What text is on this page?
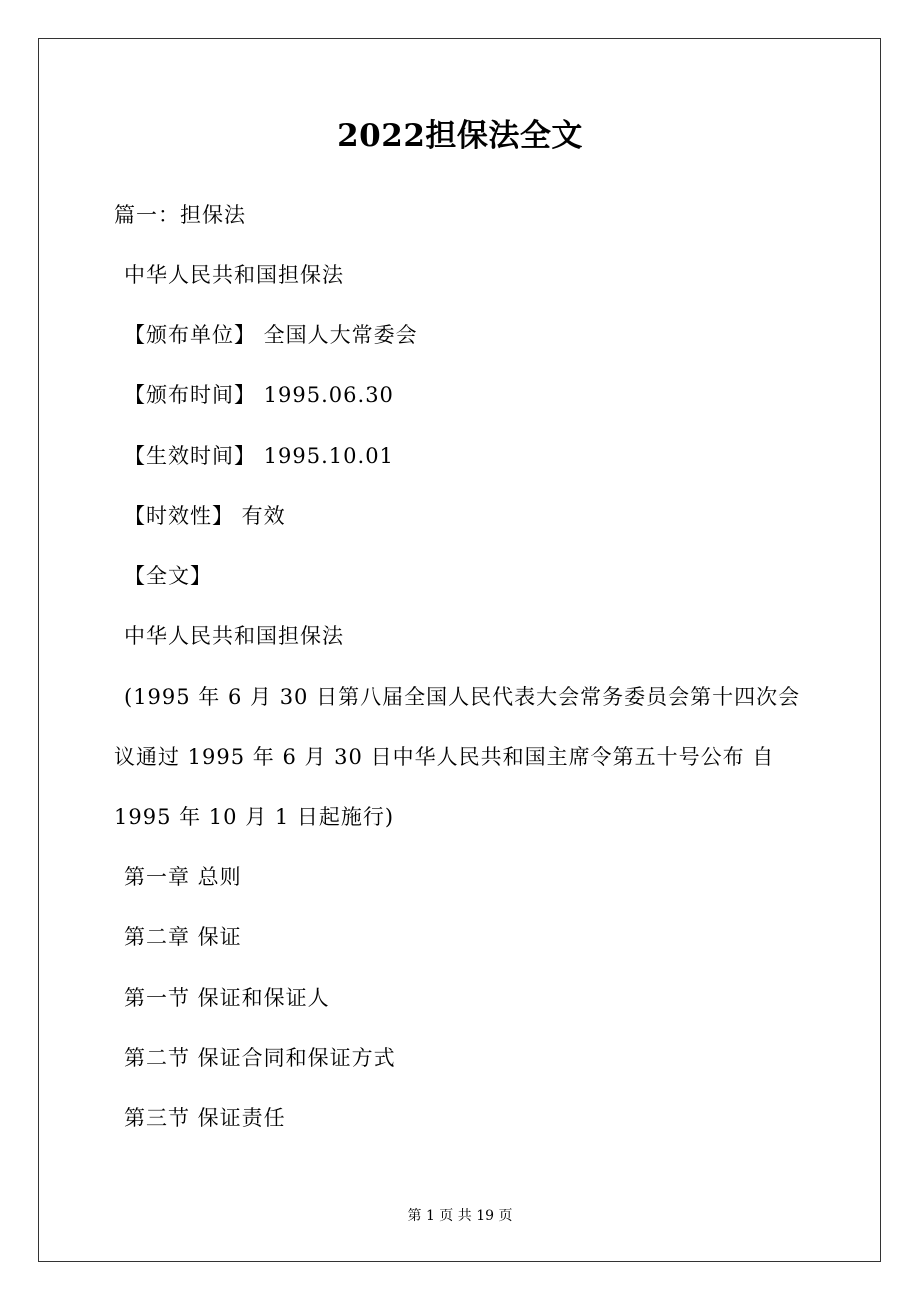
2022担保法全文
篇一：担保法
中华人民共和国担保法
【颁布单位】 全国人大常委会
【颁布时间】 1995.06.30
【生效时间】 1995.10.01
【时效性】 有效
【全文】
中华人民共和国担保法
(1995 年 6 月 30 日第八届全国人民代表大会常务委员会第十四次会
议通过 1995 年 6 月 30 日中华人民共和国主席令第五十号公布 自
1995 年 10 月 1 日起施行)
第一章 总则
第二章 保证
第一节 保证和保证人
第二节 保证合同和保证方式
第三节 保证责任
第 1 页 共 19 页
